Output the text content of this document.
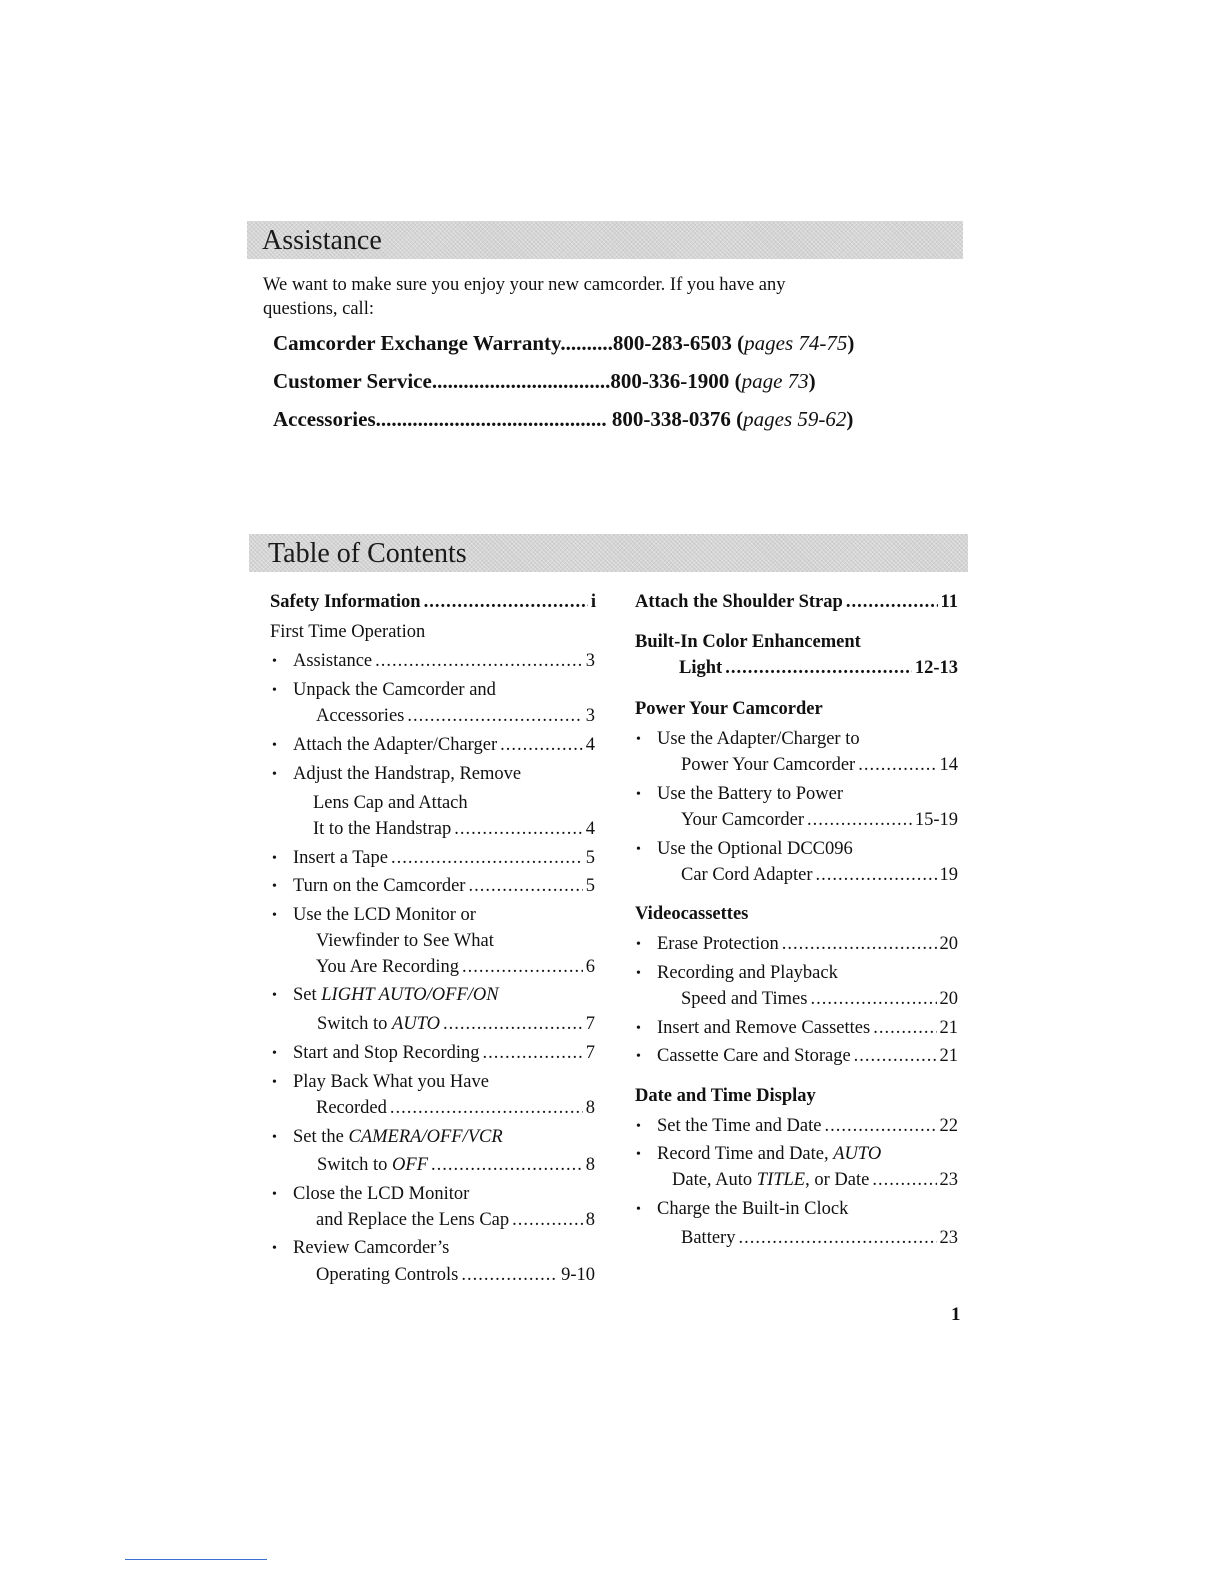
Assistance
We want to make sure you enjoy your new camcorder. If you have any questions, call:
Camcorder Exchange Warranty..........800-283-6503 (pages 74-75)
Customer Service..................................800-336-1900 (page 73)
Accessories............................................ 800-338-0376 (pages 59-62)
Table of Contents
Safety Information .....	i
First Time Operation
• Assistance .....	3
• Unpack the Camcorder and
Accessories .....	3
• Attach the Adapter/Charger .....	4
• Adjust the Handstrap, Remove
Lens Cap and Attach
It to the Handstrap .....	4
• Insert a Tape .....	5
• Turn on the Camcorder .....	5
• Use the LCD Monitor or
Viewfinder to See What
You Are Recording .....	6
• Set LIGHT AUTO/OFF/ON
Switch to AUTO .....	7
• Start and Stop Recording .....	7
• Play Back What you Have
Recorded .....	8
• Set the CAMERA/OFF/VCR
Switch to OFF .....	8
• Close the LCD Monitor
and Replace the Lens Cap .....	8
• Review Camcorder’s
Operating Controls .....	9-10
Attach the Shoulder Strap .....	11
Built-In Color Enhancement
Light .....	12-13
Power Your Camcorder
• Use the Adapter/Charger to
Power Your Camcorder .....	14
• Use the Battery to Power
Your Camcorder .....	15-19
• Use the Optional DCC096
Car Cord Adapter .....	19
Videocassettes
• Erase Protection .....	20
• Recording and Playback
Speed and Times .....	20
• Insert and Remove Cassettes .....	21
• Cassette Care and Storage .....	21
Date and Time Display
• Set the Time and Date .....	22
• Record Time and Date, AUTO
Date, Auto TITLE, or Date .....	23
• Charge the Built-in Clock
Battery .....	23
1
